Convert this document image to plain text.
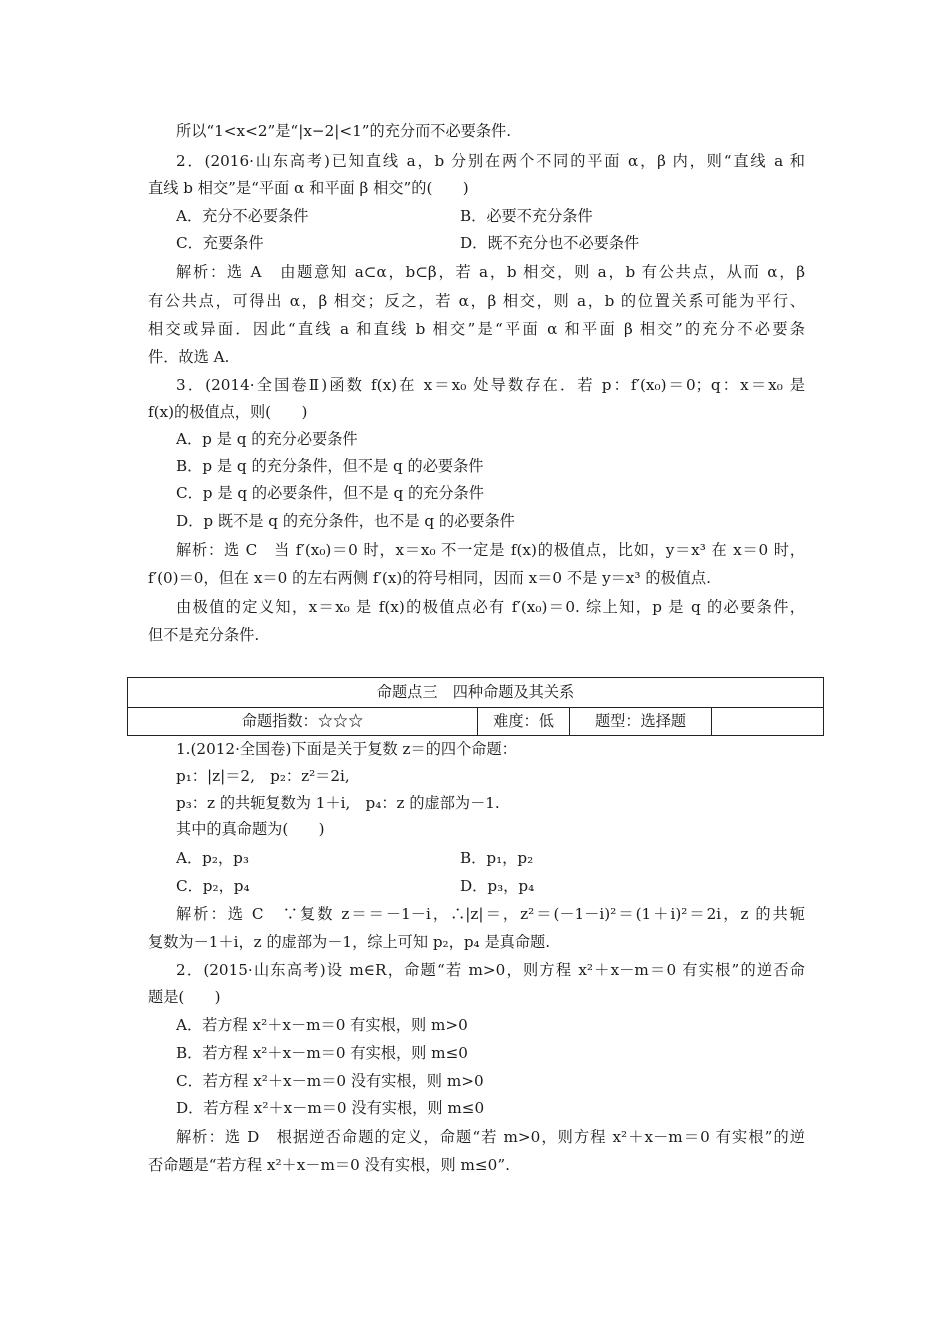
所以“1<x<2”是“|x−2|<1”的充分而不必要条件.
2．(2016·山东高考)已知直线 a，b 分别在两个不同的平面 α，β 内，则“直线 a 和
直线 b 相交”是“平面 α 和平面 β 相交”的(　　)
A．充分不必要条件	B．必要不充分条件
C．充要条件	D．既不充分也不必要条件
解析：选 A　由题意知 a⊂α，b⊂β，若 a，b 相交，则 a，b 有公共点，从而 α，β
有公共点，可得出 α，β 相交；反之，若 α，β 相交，则 a，b 的位置关系可能为平行、
相交或异面．因此“直线 a 和直线 b 相交”是“平面 α 和平面 β 相交”的充分不必要条
件．故选 A.
3．(2014·全国卷Ⅱ)函数 f(x)在 x＝x₀ 处导数存在．若 p：f′(x₀)＝0；q：x＝x₀ 是
f(x)的极值点，则(　　)
A．p 是 q 的充分必要条件
B．p 是 q 的充分条件，但不是 q 的必要条件
C．p 是 q 的必要条件，但不是 q 的充分条件
D．p 既不是 q 的充分条件，也不是 q 的必要条件
解析：选 C　当 f′(x₀)＝0 时，x＝x₀ 不一定是 f(x)的极值点，比如，y＝x³ 在 x＝0 时，
f′(0)＝0，但在 x＝0 的左右两侧 f′(x)的符号相同，因而 x＝0 不是 y＝x³ 的极值点.
由极值的定义知，x＝x₀ 是 f(x)的极值点必有 f′(x₀)＝0. 综上知，p 是 q 的必要条件，
但不是充分条件.
命题点三　四种命题及其关系
命题指数：☆☆☆	难度：低	题型：选择题
1.(2012·全国卷)下面是关于复数 z＝的四个命题：
p₁：|z|＝2,　p₂：z²＝2i,
p₃：z 的共轭复数为 1＋i,　p₄：z 的虚部为－1.
其中的真命题为(　　)
A．p₂，p₃	B．p₁，p₂
C．p₂，p₄	D．p₃，p₄
解析：选 C　∵复数 z＝＝－1－i，∴|z|＝，z²＝(－1－i)²＝(1＋i)²＝2i，z 的共轭
复数为－1＋i，z 的虚部为－1，综上可知 p₂，p₄ 是真命题.
2．(2015·山东高考)设 m∈R，命题“若 m>0，则方程 x²＋x－m＝0 有实根”的逆否命
题是(　　)
A．若方程 x²＋x－m＝0 有实根，则 m>0
B．若方程 x²＋x－m＝0 有实根，则 m≤0
C．若方程 x²＋x－m＝0 没有实根，则 m>0
D．若方程 x²＋x－m＝0 没有实根，则 m≤0
解析：选 D　根据逆否命题的定义，命题“若 m>0，则方程 x²＋x－m＝0 有实根”的逆
否命题是“若方程 x²＋x－m＝0 没有实根，则 m≤0”.
